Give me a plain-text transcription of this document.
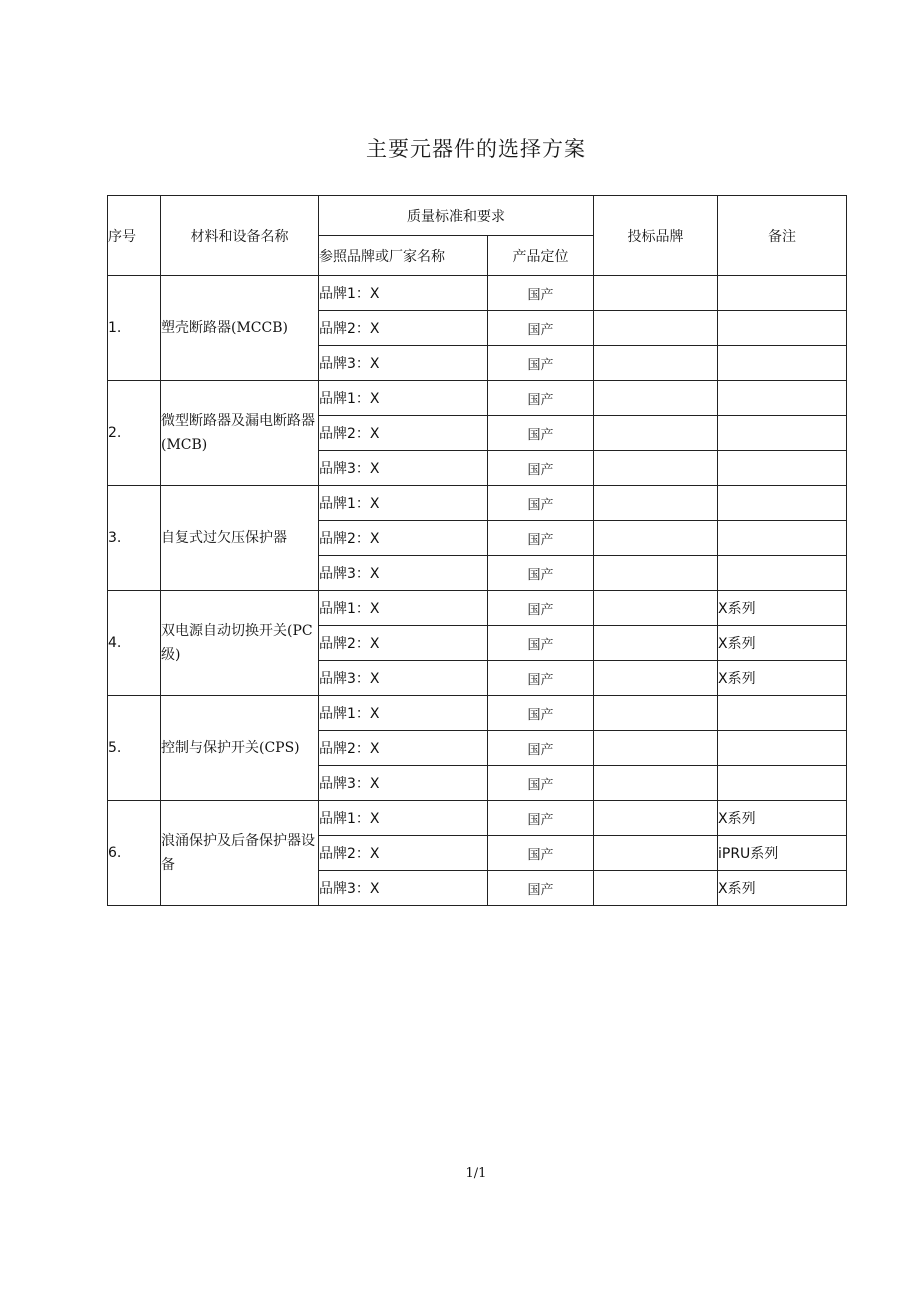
主要元器件的选择方案
序号	材料和设备名称	质量标准和要求		投标品牌	备注
		参照品牌或厂家名称	产品定位		
1.	塑壳断路器(MCCB)	品牌1：X	国产		
		品牌2：X	国产		
		品牌3：X	国产		
2.	微型断路器及漏电断路器(MCB)	品牌1：X	国产		
		品牌2：X	国产		
		品牌3：X	国产		
3.	自复式过欠压保护器	品牌1：X	国产		
		品牌2：X	国产		
		品牌3：X	国产		
4.	双电源自动切换开关(PC级)	品牌1：X	国产		X系列
		品牌2：X	国产		X系列
		品牌3：X	国产		X系列
5.	控制与保护开关(CPS)	品牌1：X	国产		
		品牌2：X	国产		
		品牌3：X	国产		
6.	浪涌保护及后备保护器设备	品牌1：X	国产		X系列
		品牌2：X	国产		iPRU系列
		品牌3：X	国产		X系列
1/1
